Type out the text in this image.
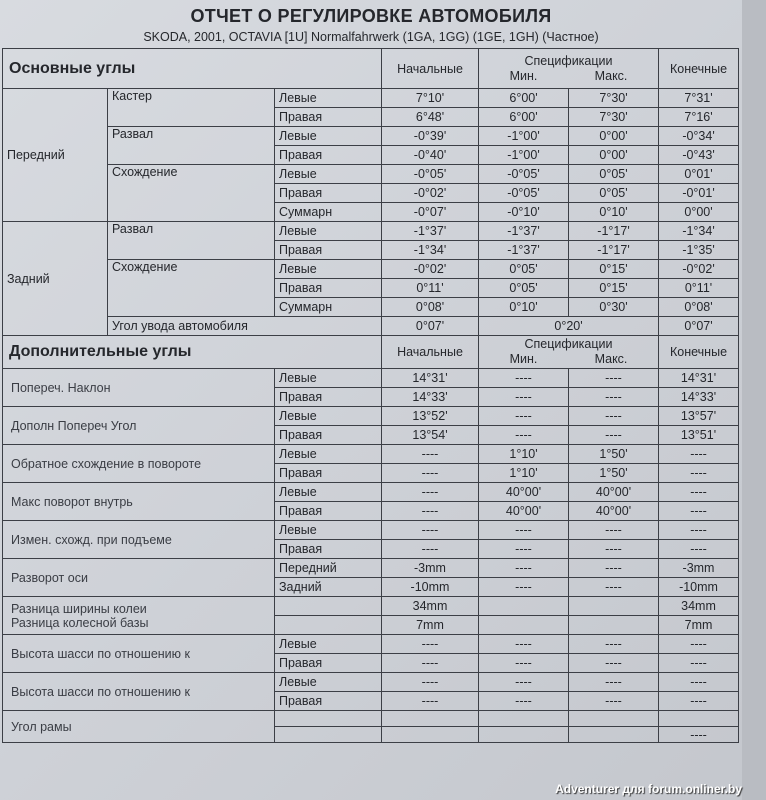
ОТЧЕТ О РЕГУЛИРОВКЕ АВТОМОБИЛЯ
SKODA, 2001, OCTAVIA [1U] Normalfahrwerk (1GA, 1GG) (1GE, 1GH) (Частное)
Основные углы			Начальные	Спецификации
Мин. Макс.		Конечные
Передний	Кастер	Левые	7°10'	6°00'	7°30'	7°31'
		Правая	6°48'	6°00'	7°30'	7°16'
	Развал	Левые	-0°39'	-1°00'	0°00'	-0°34'
		Правая	-0°40'	-1°00'	0°00'	-0°43'
	Схождение	Левые	-0°05'	-0°05'	0°05'	0°01'
		Правая	-0°02'	-0°05'	0°05'	-0°01'
		Суммарн	-0°07'	-0°10'	0°10'	0°00'
Задний	Развал	Левые	-1°37'	-1°37'	-1°17'	-1°34'
		Правая	-1°34'	-1°37'	-1°17'	-1°35'
	Схождение	Левые	-0°02'	0°05'	0°15'	-0°02'
		Правая	0°11'	0°05'	0°15'	0°11'
		Суммарн	0°08'	0°10'	0°30'	0°08'
	Угол увода автомобиля		0°07'	0°20'		0°07'
Дополнительные углы			Начальные	Спецификации
Мин. Макс.		Конечные

Попереч. Наклон		Левые	14°31'	----	----	14°31'
		Правая	14°33'	----	----	14°33'

Дополн Попереч Угол		Левые	13°52'	----	----	13°57'
		Правая	13°54'	----	----	13°51'

Обратное схождение в повороте		Левые	----	1°10'	1°50'	----
		Правая	----	1°10'	1°50'	----

Макс поворот внутрь		Левые	----	40°00'	40°00'	----
		Правая	----	40°00'	40°00'	----

Измен. схожд. при подъеме		Левые	----	----	----	----
		Правая	----	----	----	----

Разворот оси		Передний	-3mm	----	----	-3mm
		Задний	-10mm	----	----	-10mm

Разница ширины колеи
Разница колесной базы			34mm			34mm
			7mm			7mm

Высота шасси по отношению к		Левые	----	----	----	----
		Правая	----	----	----	----

Высота шасси по отношению к		Левые	----	----	----	----
		Правая	----	----	----	----

Угол рамы						

						----
Adventurer для forum.onliner.by
